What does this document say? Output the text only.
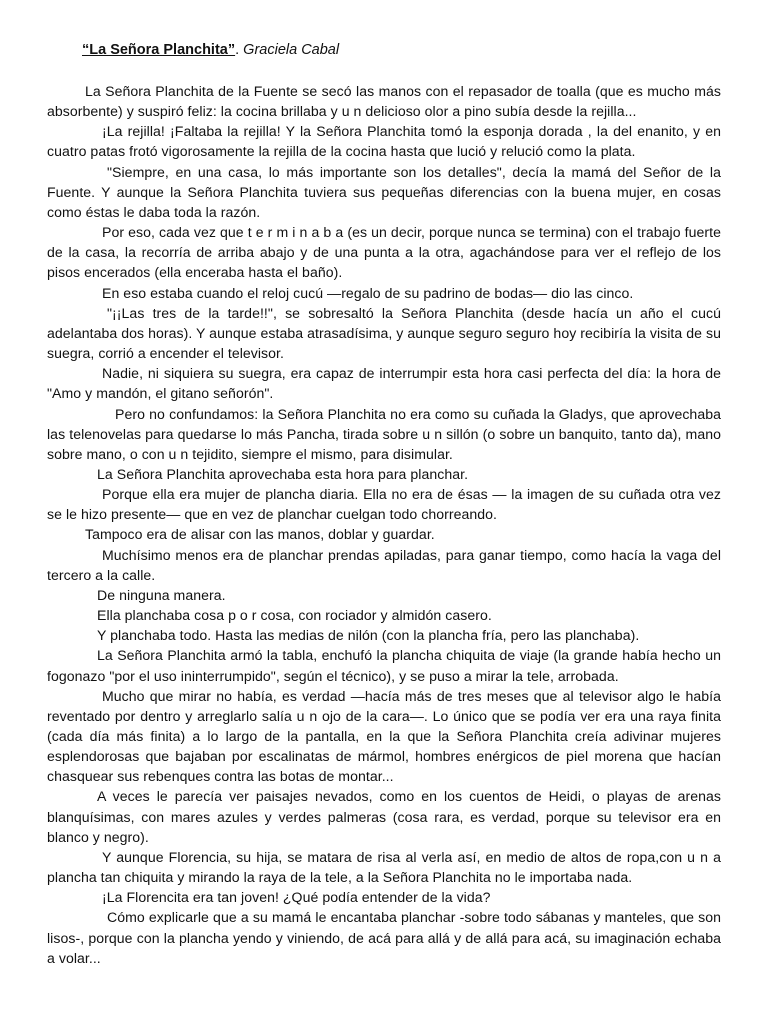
“La Señora Planchita”. Graciela Cabal

La Señora Planchita de la Fuente se secó las manos con el repasador de toalla (que es mucho más absorbente) y suspiró feliz: la cocina brillaba y u n delicioso olor a pino subía desde la rejilla...

¡La rejilla! ¡Faltaba la rejilla! Y la Señora Planchita tomó la esponja dorada , la del enanito, y en cuatro patas frotó vigorosamente la rejilla de la cocina hasta que lució y relució como la plata.

"Siempre, en una casa, lo más importante son los detalles", decía la mamá del Señor de la Fuente. Y aunque la Señora Planchita tuviera sus pequeñas diferencias con la buena mujer, en cosas como éstas le daba toda la razón.

Por eso, cada vez que t e r m i n a b a (es un decir, porque nunca se termina) con el trabajo fuerte de la casa, la recorría de arriba abajo y de una punta a la otra, agachándose para ver el reflejo de los pisos encerados (ella enceraba hasta el baño).

En eso estaba cuando el reloj cucú —regalo de su padrino de bodas— dio las cinco.

"¡¡Las tres de la tarde!!", se sobresaltó la Señora Planchita (desde hacía un año el cucú adelantaba dos horas). Y aunque estaba atrasadísima, y aunque seguro seguro hoy recibiría la visita de su suegra, corrió a encender el televisor.

Nadie, ni siquiera su suegra, era capaz de interrumpir esta hora casi perfecta del día: la hora de "Amo y mandón, el gitano señorón".

Pero no confundamos: la Señora Planchita no era como su cuñada la Gladys, que aprovechaba las telenovelas para quedarse lo más Pancha, tirada sobre u n sillón (o sobre un banquito, tanto da), mano sobre mano, o con u n tejidito, siempre el mismo, para disimular.

La Señora Planchita aprovechaba esta hora para planchar.

Porque ella era mujer de plancha diaria. Ella no era de ésas — la imagen de su cuñada otra vez se le hizo presente— que en vez de planchar cuelgan todo chorreando.

Tampoco era de alisar con las manos, doblar y guardar.

Muchísimo menos era de planchar prendas apiladas, para ganar tiempo, como hacía la vaga del tercero a la calle.

De ninguna manera.

Ella planchaba cosa p o r cosa, con rociador y almidón casero.

Y planchaba todo. Hasta las medias de nilón (con la plancha fría, pero las planchaba).

La Señora Planchita armó la tabla, enchufó la plancha chiquita de viaje (la grande había hecho un fogonazo "por el uso ininterrumpido", según el técnico), y se puso a mirar la tele, arrobada.

Mucho que mirar no había, es verdad —hacía más de tres meses que al televisor algo le había reventado por dentro y arreglarlo salía u n ojo de la cara—. Lo único que se podía ver era una raya finita (cada día más finita) a lo largo de la pantalla, en la que la Señora Planchita creía adivinar mujeres esplendorosas que bajaban por escalinatas de mármol, hombres enérgicos de piel morena que hacían chasquear sus rebenques contra las botas de montar...

A veces le parecía ver paisajes nevados, como en los cuentos de Heidi, o playas de arenas blanquísimas, con mares azules y verdes palmeras (cosa rara, es verdad, porque su televisor era en blanco y negro).

Y aunque Florencia, su hija, se matara de risa al verla así, en medio de altos de ropa,con u n a plancha tan chiquita y mirando la raya de la tele, a la Señora Planchita no le importaba nada.

¡La Florencita era tan joven! ¿Qué podía entender de la vida?

Cómo explicarle que a su mamá le encantaba planchar -sobre todo sábanas y manteles, que son lisos-, porque con la plancha yendo y viniendo, de acá para allá y de allá para acá, su imaginación echaba a volar...
